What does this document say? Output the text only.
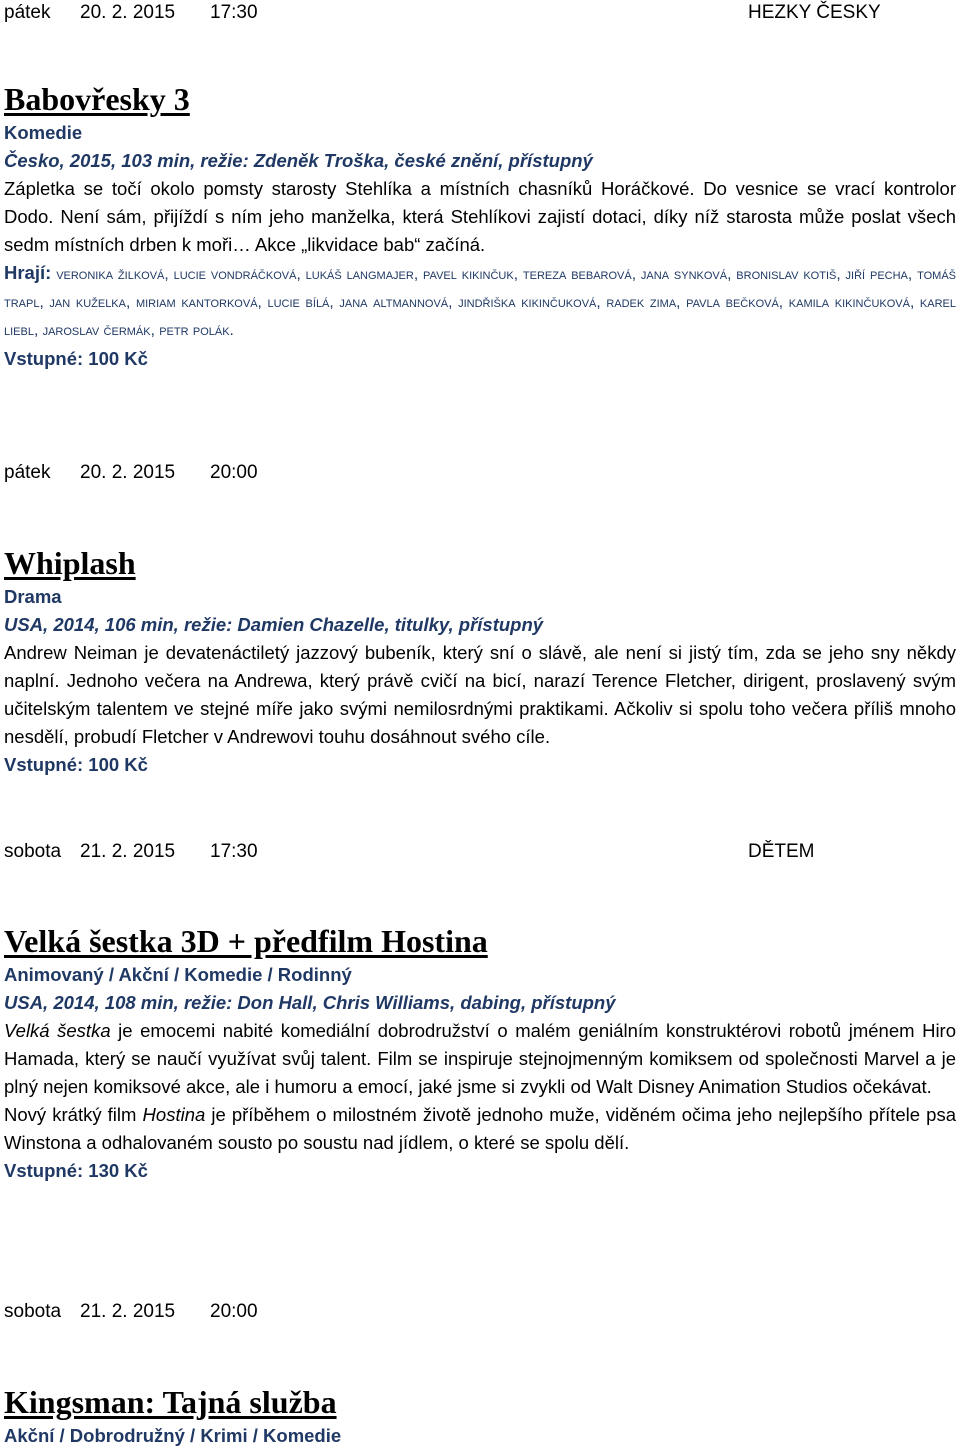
pátek 20. 2. 2015 17:30	HEZKY ČESKY
Babovřesky 3
Komedie
Česko, 2015, 103 min, režie: Zdeněk Troška, české znění, přístupný
Zápletka se točí okolo pomsty starosty Stehlíka a místních chasníků Horáčkové. Do vesnice se vrací kontrolor Dodo. Není sám, přijíždí s ním jeho manželka, která Stehlíkovi zajistí dotaci, díky níž starosta může poslat všech sedm místních drben k moři… Akce „likvidace bab“ začíná.
Hrají: veronika žilková, lucie vondráčková, lukáš langmajer, pavel kikinčuk, tereza bebarová, jana synková, bronislav kotiš, jiří pecha, tomáš trapl, jan kuželka, miriam kantorková, lucie bílá, jana altmannová, jindřiška kikinčuková, radek zima, pavla bečková, kamila kikinčuková, karel liebl, jaroslav čermák, petr polák.
Vstupné: 100 Kč
pátek 20. 2. 2015 20:00
Whiplash
Drama
USA, 2014, 106 min, režie: Damien Chazelle, titulky, přístupný
Andrew Neiman je devatenáctiletý jazzový bubeník, který sní o slávě, ale není si jistý tím, zda se jeho sny někdy naplní. Jednoho večera na Andrewa, který právě cvičí na bicí, narazí Terence Fletcher, dirigent, proslavený svým učitelským talentem ve stejné míře jako svými nemilosrdnými praktikami. Ačkoliv si spolu toho večera příliš mnoho nesdělí, probudí Fletcher v Andrewovi touhu dosáhnout svého cíle.
Vstupné: 100 Kč
sobota 21. 2. 2015 17:30	DĚTEM
Velká šestka 3D + předfilm Hostina
Animovaný / Akční / Komedie / Rodinný
USA, 2014, 108 min, režie: Don Hall, Chris Williams, dabing, přístupný
Velká šestka je emocemi nabité komediální dobrodružství o malém geniálním konstruktérovi robotů jménem Hiro Hamada, který se naučí využívat svůj talent. Film se inspiruje stejnojmenným komiksem od společnosti Marvel a je plný nejen komiksové akce, ale i humoru a emocí, jaké jsme si zvykli od Walt Disney Animation Studios očekávat.
Nový krátký film Hostina je příběhem o milostném životě jednoho muže, viděném očima jeho nejlepšího přítele psa Winstona a odhalovaném sousto po soustu nad jídlem, o které se spolu dělí.
Vstupné: 130 Kč
sobota 21. 2. 2015 20:00
Kingsman: Tajná služba
Akční / Dobrodružný / Krimi / Komedie
